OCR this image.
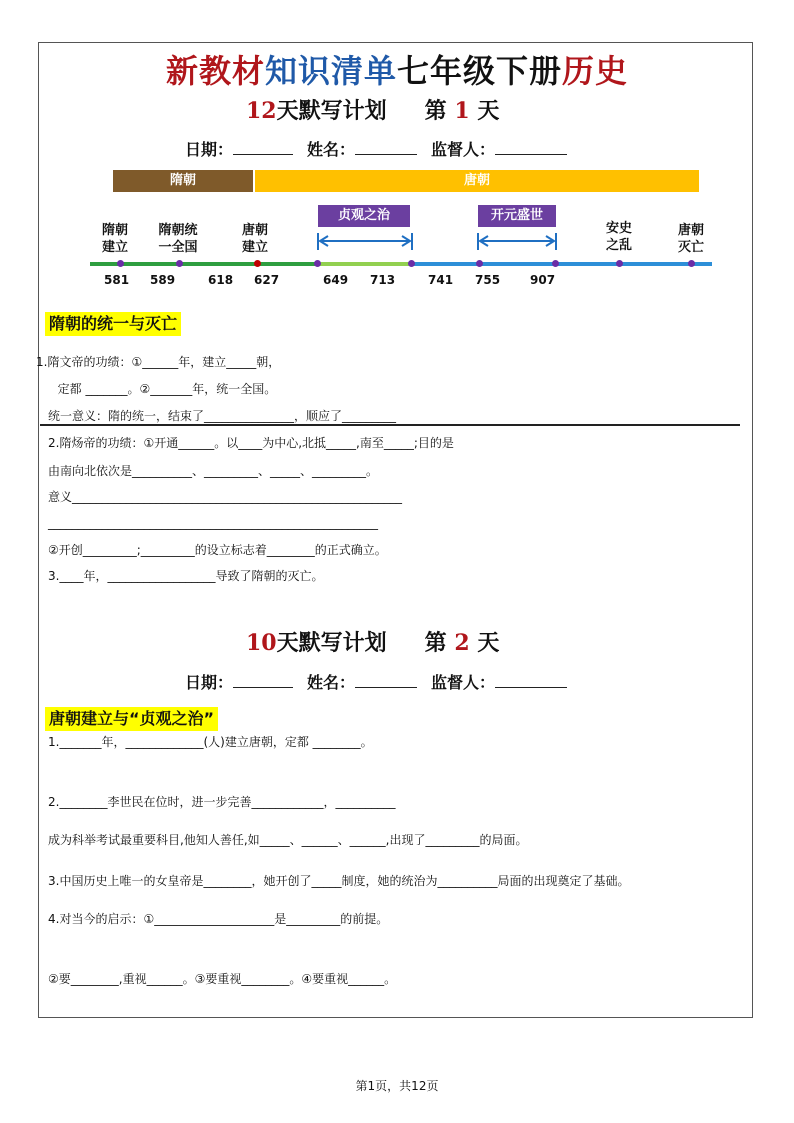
新教材知识清单七年级下册历史
12天默写计划 第 1 天
日期：	姓名：	监督人：
隋朝	唐朝
隋朝
建立
隋朝统
一全国
唐朝
建立
安史
之乱
唐朝
灭亡
贞观之治	开元盛世
581 589	618 627	649 713	741 755 907
隋朝的统一与灭亡
1.隋文帝的功绩：①______年，建立_____朝，
定都 _______。②_______年，统一全国。
统一意义：隋的统一，结束了_______________，顺应了_________
2.隋炀帝的功绩：①开通______。以____为中心,北抵_____,南至_____;目的是
由南向北依次是__________、_________、_____、_________。
意义_______________________________________________________
_______________________________________________________
②开创_________;_________的设立标志着________的正式确立。
3.____年，__________________导致了隋朝的灭亡。
10天默写计划 第 2 天
日期：	姓名：	监督人：
唐朝建立与“贞观之治”
1._______年，_____________(人)建立唐朝，定都 ________。
2.________李世民在位时，进一步完善____________，__________
成为科举考试最重要科目,他知人善任,如_____、______、______,出现了_________的局面。
3.中国历史上唯一的女皇帝是________，她开创了_____制度，她的统治为__________局面的出现奠定了基础。
4.对当今的启示：①____________________是_________的前提。
②要________,重视______。③要重视________。④要重视______。
第1页，共12页
